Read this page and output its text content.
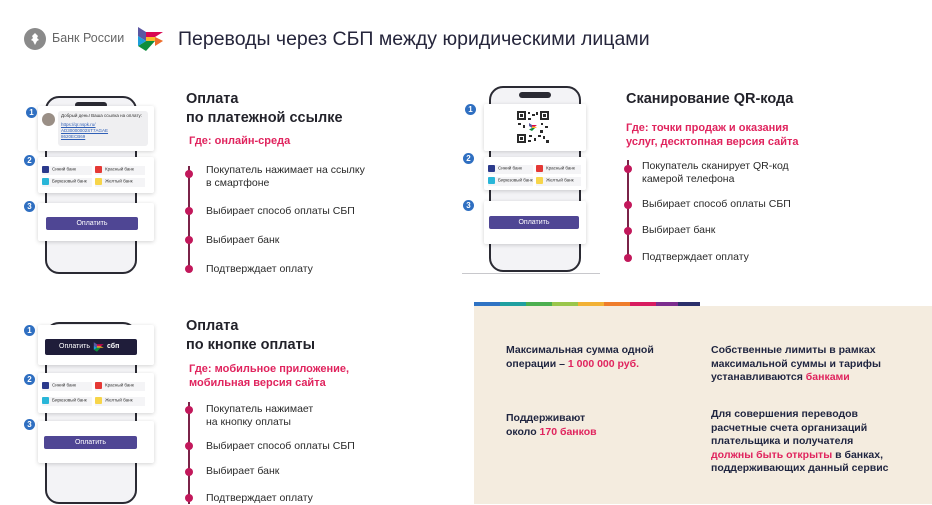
Банк России	Переводы через СБП между юридическими лицами
Добрый день! Ваша ссылка на оплату:
https://qr.nspk.ru/
AD30000002ST7AGAE
8620ECB69
1
Синий банк	Красный банк
Бирюзовый банк	Желтый банк
2
Оплатить
3
Оплата
по платежной ссылке
Где: онлайн-среда
Покупатель нажимает на ссылку
в смартфоне
Выбирает способ оплаты СБП
Выбирает банк
Подтверждает оплату
1
Синий банк	Красный банк
Бирюзовый банк	Желтый банк
2
Оплатить
3
Сканирование QR-кода
Где: точки продаж и оказания
услуг, десктопная версия сайта
Покупатель сканирует QR-код
камерой телефона
Выбирает способ оплаты СБП
Выбирает банк
Подтверждает оплату
Оплатить сбп
1
Синий банк	Красный банк
Бирюзовый банк	Желтый банк
2
Оплатить
3
Оплата
по кнопке оплаты
Где: мобильное приложение,
мобильная версия сайта
Покупатель нажимает
на кнопку оплаты
Выбирает способ оплаты СБП
Выбирает банк
Подтверждает оплату
Максимальная сумма одной
операции – 1 000 000 руб.
Поддерживают
около 170 банков
Собственные лимиты в рамках
максимальной суммы и тарифы
устанавливаются банками
Для совершения переводов
расчетные счета организаций
плательщика и получателя
должны быть открыты в банках,
поддерживающих данный сервис
